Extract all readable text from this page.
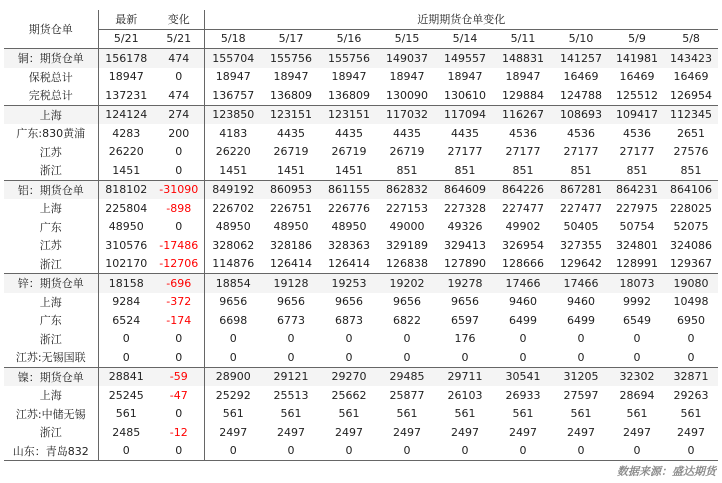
期货仓单	最新	变化	近期期货仓单变化								
	5/21	5/21	5/18	5/17	5/16	5/15	5/14	5/11	5/10	5/9	5/8
铜：期货仓单	156178	474	155704	155756	155756	149037	149557	148831	141257	141981	143423
保税总计	18947	0	18947	18947	18947	18947	18947	18947	16469	16469	16469
完税总计	137231	474	136757	136809	136809	130090	130610	129884	124788	125512	126954
上海	124124	274	123850	123151	123151	117032	117094	116267	108693	109417	112345
广东:830黄浦	4283	200	4183	4435	4435	4435	4435	4536	4536	4536	2651
江苏	26220	0	26220	26719	26719	26719	27177	27177	27177	27177	27576
浙江	1451	0	1451	1451	1451	851	851	851	851	851	851
铝：期货仓单	818102	-31090	849192	860953	861155	862832	864609	864226	867281	864231	864106
上海	225804	-898	226702	226751	226776	227153	227328	227477	227477	227975	228025
广东	48950	0	48950	48950	48950	49000	49326	49902	50405	50754	52075
江苏	310576	-17486	328062	328186	328363	329189	329413	326954	327355	324801	324086
浙江	102170	-12706	114876	126414	126414	126838	127890	128666	129642	128991	129367
锌：期货仓单	18158	-696	18854	19128	19253	19202	19278	17466	17466	18073	19080
上海	9284	-372	9656	9656	9656	9656	9656	9460	9460	9992	10498
广东	6524	-174	6698	6773	6873	6822	6597	6499	6499	6549	6950
浙江	0	0	0	0	0	0	176	0	0	0	0
江苏:无锡国联	0	0	0	0	0	0	0	0	0	0	0
镍：期货仓单	28841	-59	28900	29121	29270	29485	29711	30541	31205	32302	32871
上海	25245	-47	25292	25513	25662	25877	26103	26933	27597	28694	29263
江苏:中储无锡	561	0	561	561	561	561	561	561	561	561	561
浙江	2485	-12	2497	2497	2497	2497	2497	2497	2497	2497	2497
山东：青岛832	0	0	0	0	0	0	0	0	0	0	0
数据来源：盛达期货
